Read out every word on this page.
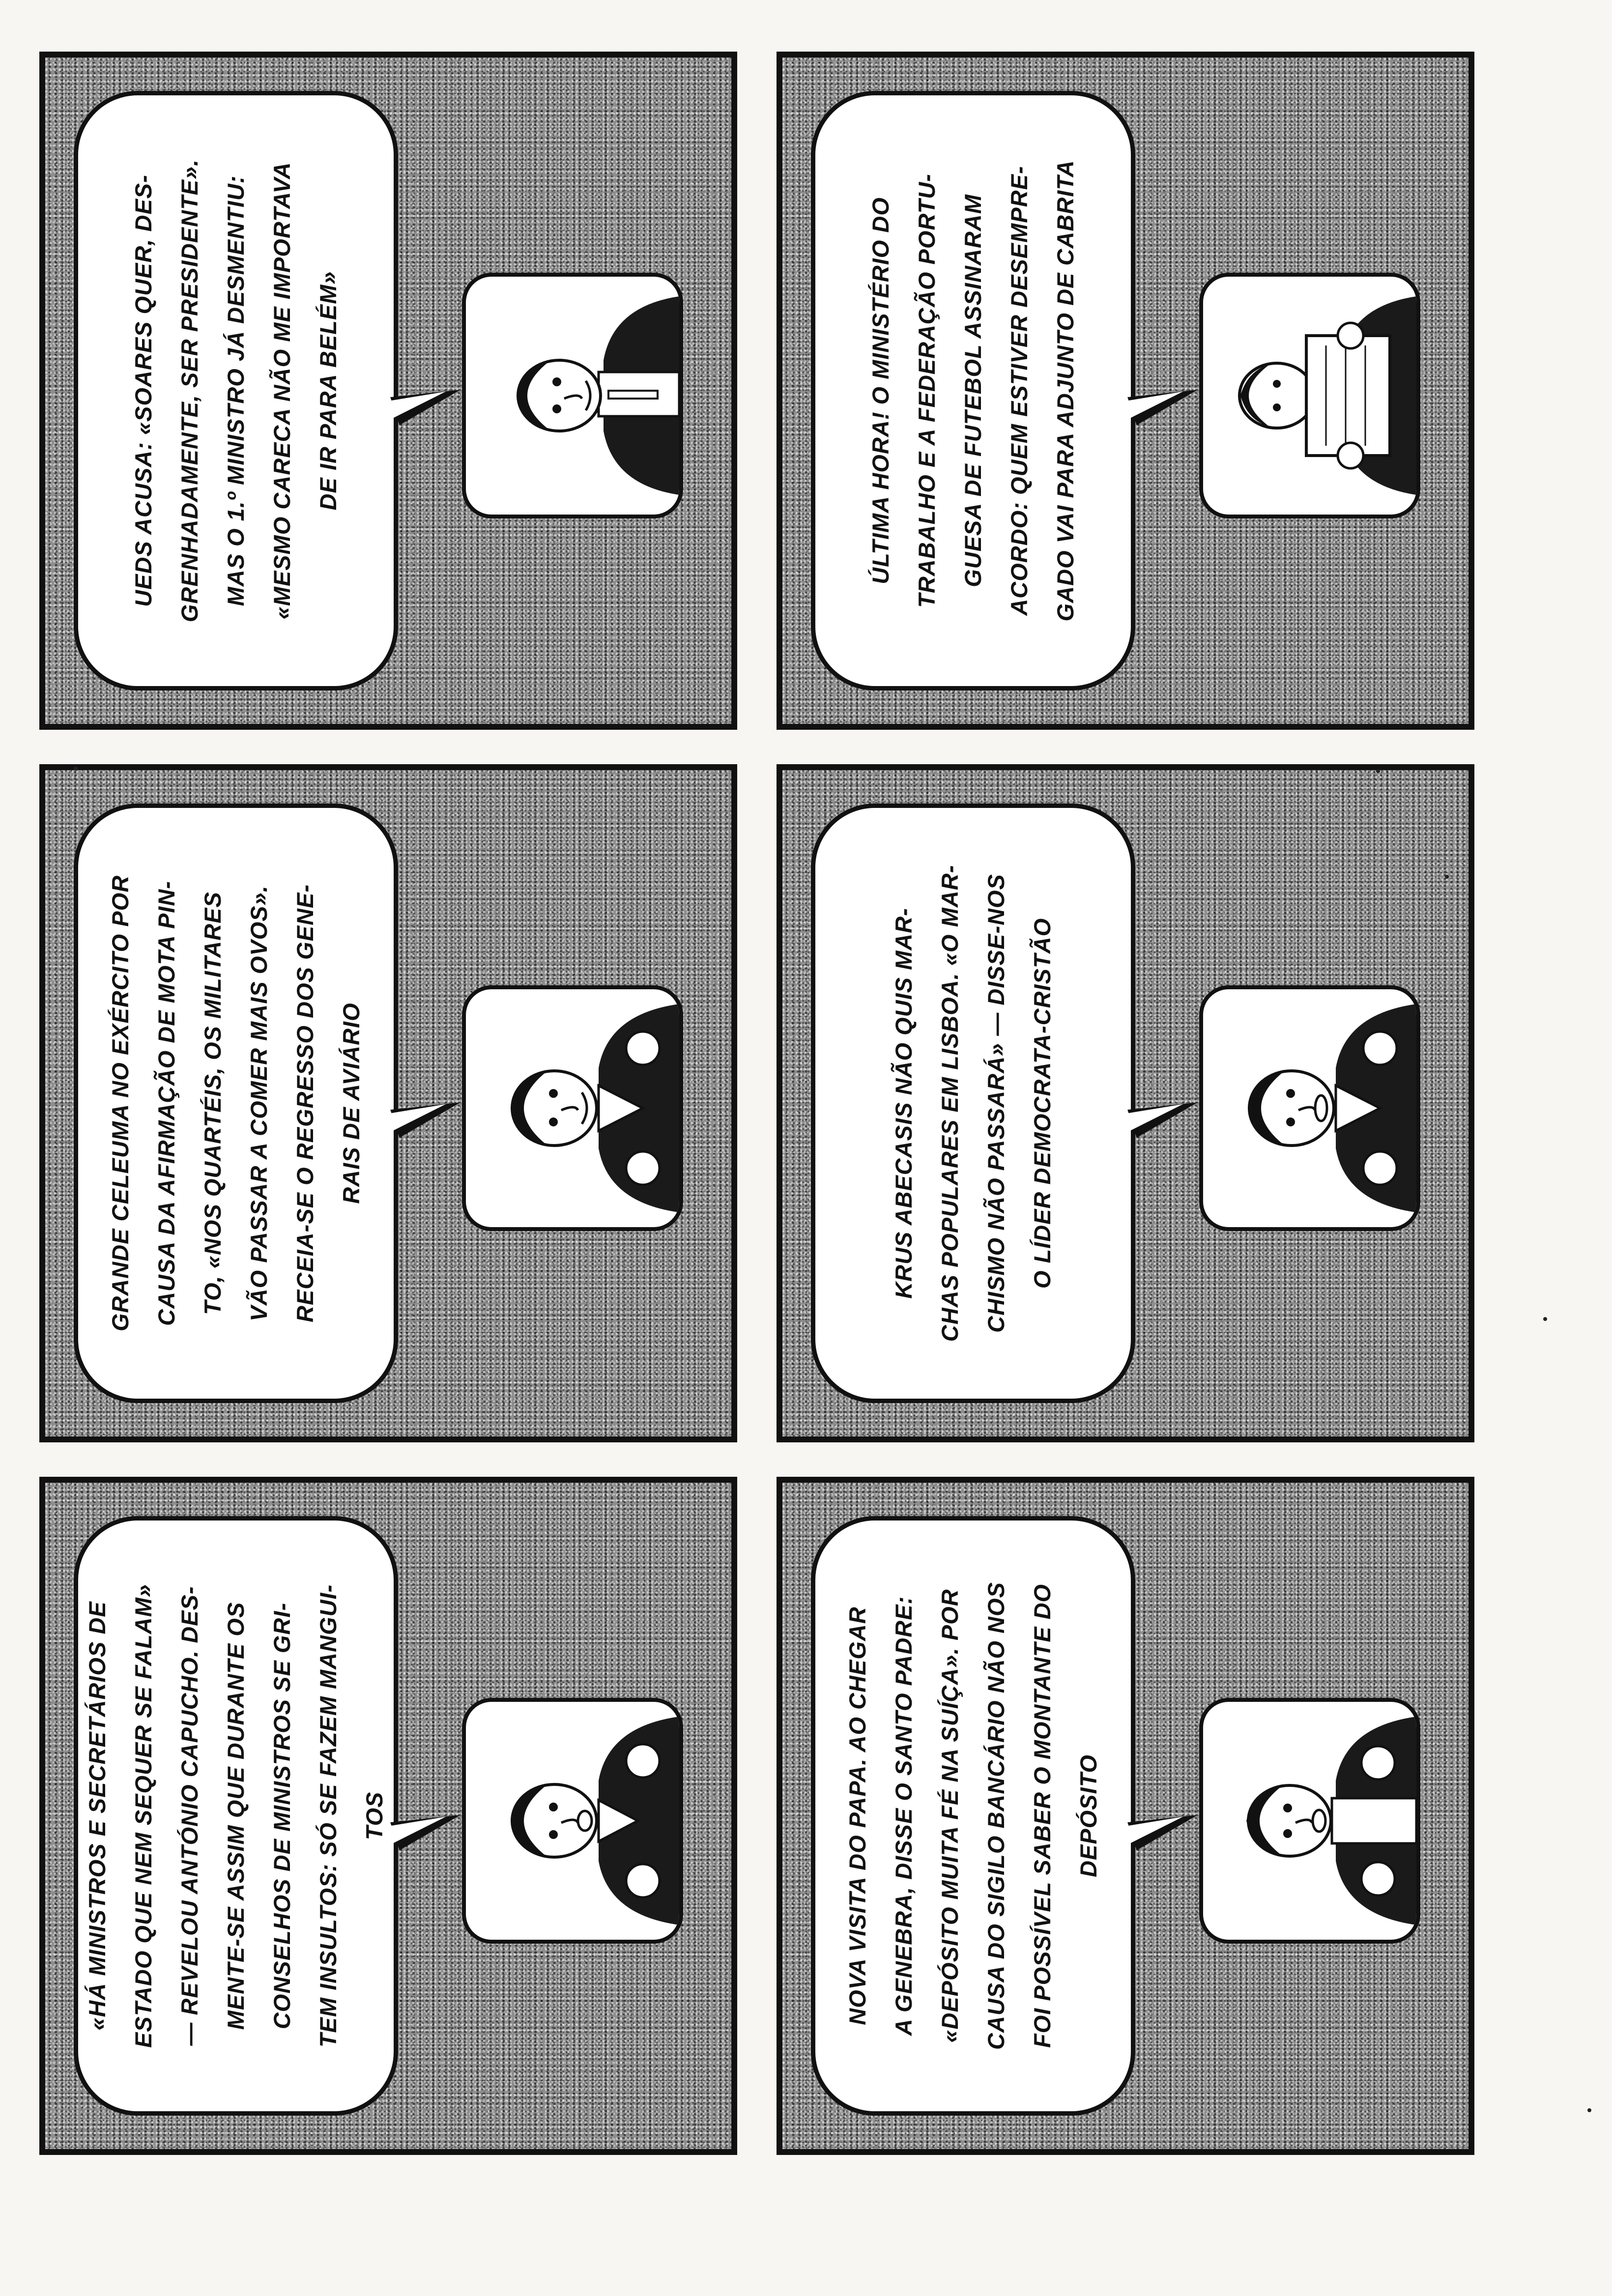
UEDS ACUSA: «SOARES QUER, DES-
GRENHADAMENTE, SER PRESIDENTE».
MAS O 1.º MINISTRO JÁ DESMENTIU:
«MESMO CARECA NÃO ME IMPORTAVA
DE IR PARA BELÉM»

ÚLTIMA HORA! O MINISTÉRIO DO
TRABALHO E A FEDERAÇÃO PORTU-
GUESA DE FUTEBOL ASSINARAM
ACORDO: QUEM ESTIVER DESEMPRE-
GADO VAI PARA ADJUNTO DE CABRITA

GRANDE CELEUMA NO EXÉRCITO POR
CAUSA DA AFIRMAÇÃO DE MOTA PIN-
TO, «NOS QUARTÉIS, OS MILITARES
VÃO PASSAR A COMER MAIS OVOS».
RECEIA-SE O REGRESSO DOS GENE-
RAIS DE AVIÁRIO

KRUS ABECASIS NÃO QUIS MAR-
CHAS POPULARES EM LISBOA. «O MAR-
CHISMO NÃO PASSARÁ» — DISSE-NOS
O LÍDER DEMOCRATA-CRISTÃO

«HÁ MINISTROS E SECRETÁRIOS DE
ESTADO QUE NEM SEQUER SE FALAM»
— REVELOU ANTÓNIO CAPUCHO. DES-
MENTE-SE ASSIM QUE DURANTE OS
CONSELHOS DE MINISTROS SE GRI-
TEM INSULTOS: SÓ SE FAZEM MANGUI-
TOS

NOVA VISITA DO PAPA. AO CHEGAR
A GENEBRA, DISSE O SANTO PADRE:
«DEPÓSITO MUITA FÉ NA SUÍÇA». POR
CAUSA DO SIGILO BANCÁRIO NÃO NOS
FOI POSSÍVEL SABER O MONTANTE DO
DEPÓSITO
